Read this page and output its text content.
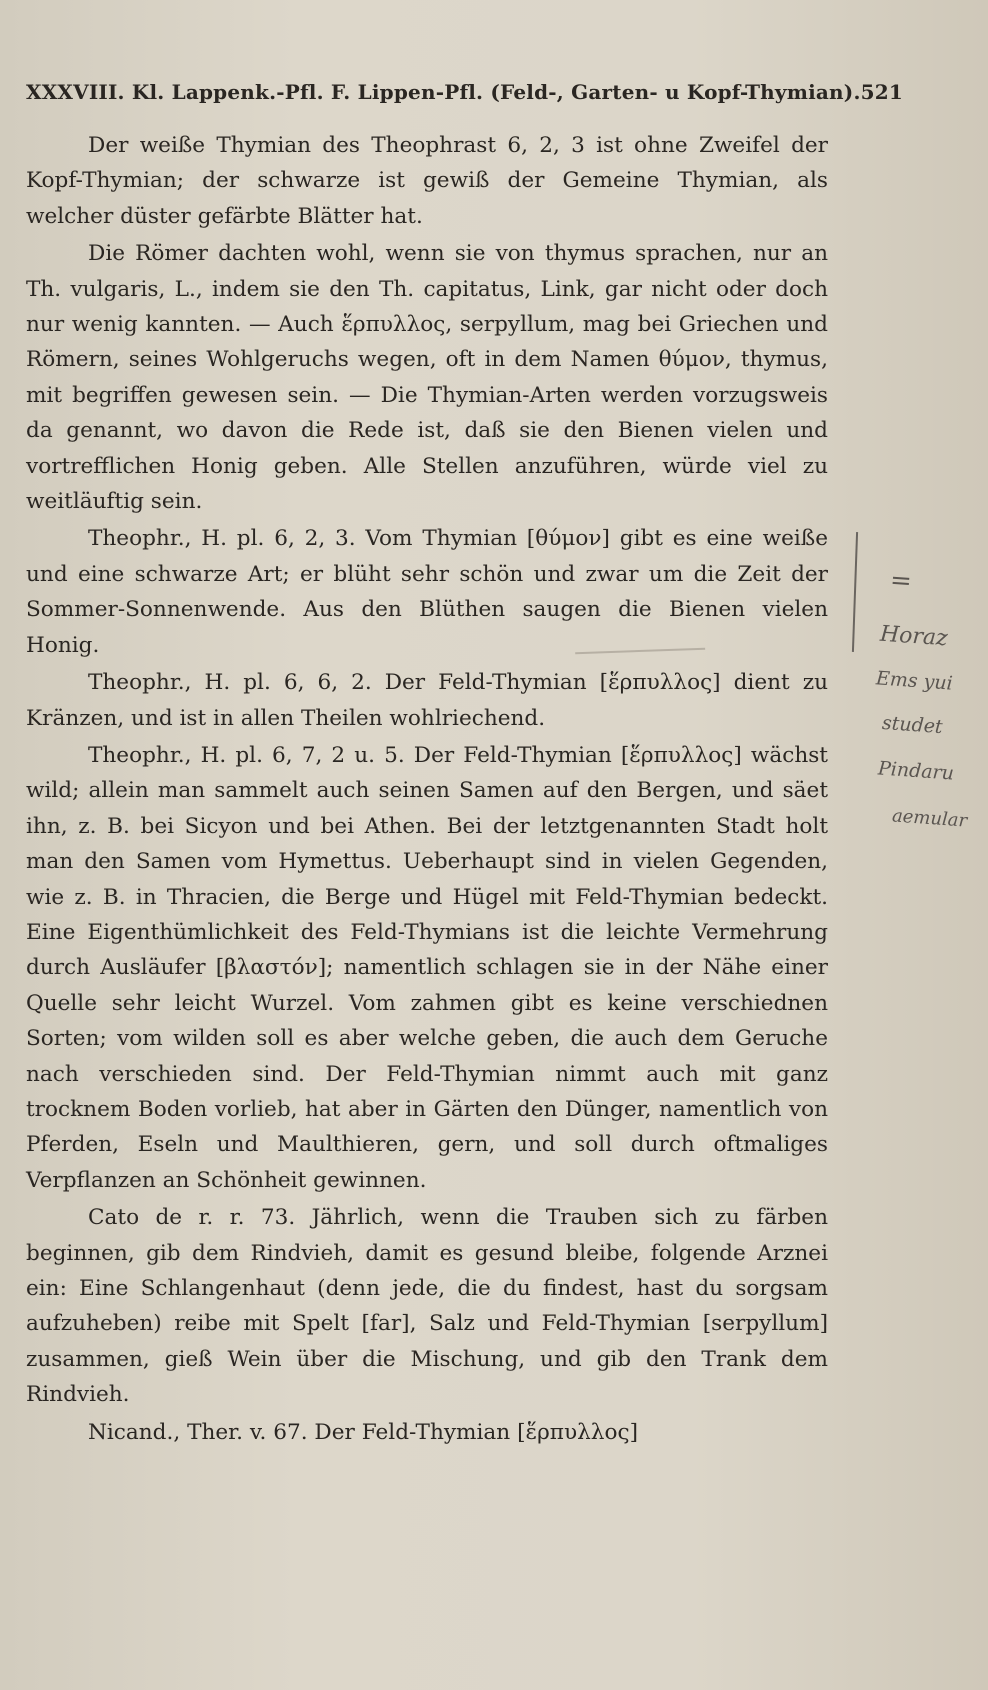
XXXVIII. Kl. Lappenk.-Pfl. F. Lippen-Pfl. (Feld-, Garten- u Kopf-Thymian). 521

Der weiße Thymian des Theophrast 6, 2, 3 ist ohne Zweifel der Kopf-Thymian; der schwarze ist gewiß der Gemeine Thymian, als welcher düster gefärbte Blätter hat.

Die Römer dachten wohl, wenn sie von thymus sprachen, nur an Th. vulgaris, L., indem sie den Th. capitatus, Link, gar nicht oder doch nur wenig kannten. — Auch ἕρπυλλος, serpyllum, mag bei Griechen und Römern, seines Wohlgeruchs wegen, oft in dem Namen θύμον, thymus, mit begriffen gewesen sein. — Die Thymian-Arten werden vorzugsweis da genannt, wo davon die Rede ist, daß sie den Bienen vielen und vortrefflichen Honig geben. Alle Stellen anzuführen, würde viel zu weitläuftig sein.

Theophr., H. pl. 6, 2, 3. Vom Thymian [θύμον] gibt es eine weiße und eine schwarze Art; er blüht sehr schön und zwar um die Zeit der Sommer-Sonnenwende. Aus den Blüthen saugen die Bienen vielen Honig.

Theophr., H. pl. 6, 6, 2. Der Feld-Thymian [ἕρπυλλος] dient zu Kränzen, und ist in allen Theilen wohlriechend.

Theophr., H. pl. 6, 7, 2 u. 5. Der Feld-Thymian [ἕρπυλλος] wächst wild; allein man sammelt auch seinen Samen auf den Bergen, und säet ihn, z. B. bei Sicyon und bei Athen. Bei der letztgenannten Stadt holt man den Samen vom Hymettus. Ueberhaupt sind in vielen Gegenden, wie z. B. in Thracien, die Berge und Hügel mit Feld-Thymian bedeckt. Eine Eigenthümlichkeit des Feld-Thymians ist die leichte Vermehrung durch Ausläufer [βλαστόν]; namentlich schlagen sie in der Nähe einer Quelle sehr leicht Wurzel. Vom zahmen gibt es keine verschiednen Sorten; vom wilden soll es aber welche geben, die auch dem Geruche nach verschieden sind. Der Feld-Thymian nimmt auch mit ganz trocknem Boden vorlieb, hat aber in Gärten den Dünger, namentlich von Pferden, Eseln und Maulthieren, gern, und soll durch oftmaliges Verpflanzen an Schönheit gewinnen.

Cato de r. r. 73. Jährlich, wenn die Trauben sich zu färben beginnen, gib dem Rindvieh, damit es gesund bleibe, folgende Arznei ein: Eine Schlangenhaut (denn jede, die du findest, hast du sorgsam aufzuheben) reibe mit Spelt [far], Salz und Feld-Thymian [serpyllum] zusammen, gieß Wein über die Mischung, und gib den Trank dem Rindvieh.

Nicand., Ther. v. 67. Der Feld-Thymian [ἕρπυλλος]

=
Horaz
Ems yui
studet
Pindaru
aemular
